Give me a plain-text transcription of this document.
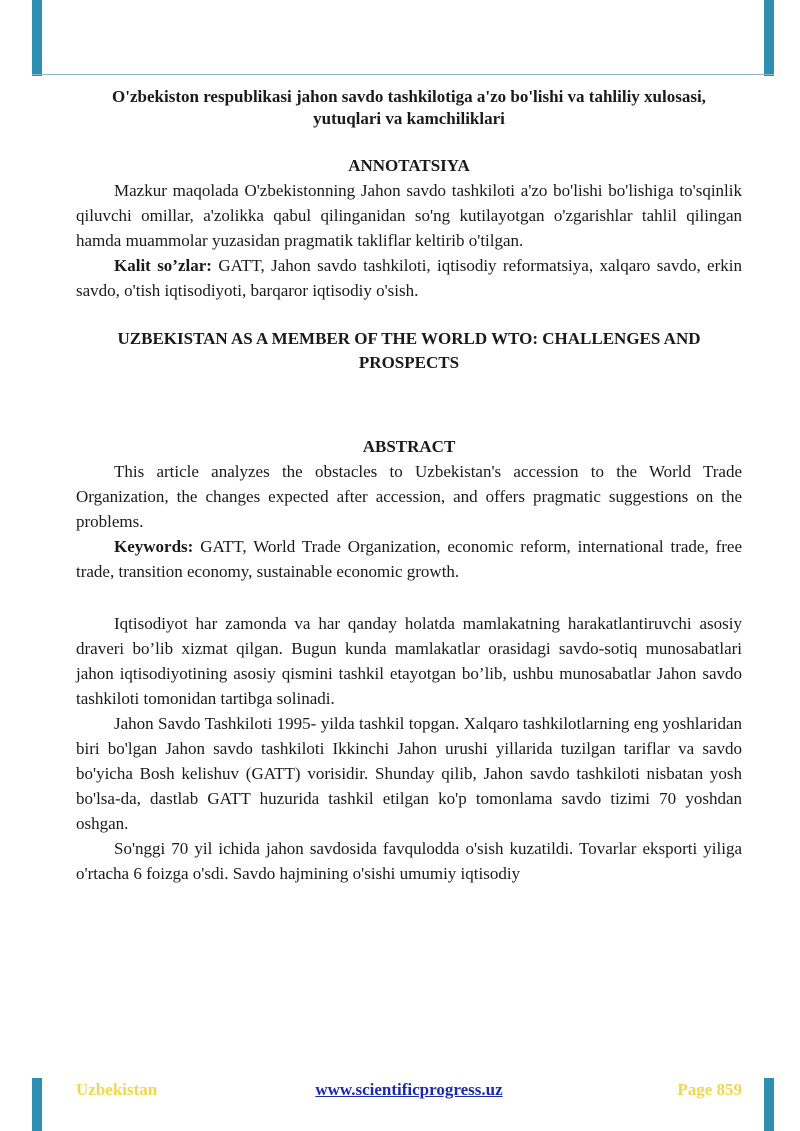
O'zbekiston respublikasi jahon savdo tashkilotiga a'zo bo'lishi va tahliliy xulosasi, yutuqlari va kamchiliklari
ANNOTATSIYA

Mazkur maqolada O'zbekistonning Jahon savdo tashkiloti a'zo bo'lishi bo'lishiga to'sqinlik qiluvchi omillar, a'zolikka qabul qilinganidan so'ng kutilayotgan o'zgarishlar tahlil qilingan hamda muammolar yuzasidan pragmatik takliflar keltirib o'tilgan.

Kalit so’zlar: GATT, Jahon savdo tashkiloti, iqtisodiy reformatsiya, xalqaro savdo, erkin savdo, o'tish iqtisodiyoti, barqaror iqtisodiy o'sish.

UZBEKISTAN AS A MEMBER OF THE WORLD WTO: CHALLENGES AND PROSPECTS
ABSTRACT

This article analyzes the obstacles to Uzbekistan's accession to the World Trade Organization, the changes expected after accession, and offers pragmatic suggestions on the problems.

Keywords: GATT, World Trade Organization, economic reform, international trade, free trade, transition economy, sustainable economic growth.

Iqtisodiyot har zamonda va har qanday holatda mamlakatning harakatlantiruvchi asosiy draveri bo’lib xizmat qilgan. Bugun kunda mamlakatlar orasidagi savdo-sotiq munosabatlari jahon iqtisodiyotining asosiy qismini tashkil etayotgan bo’lib, ushbu munosabatlar Jahon savdo tashkiloti tomonidan tartibga solinadi.

Jahon Savdo Tashkiloti 1995- yilda tashkil topgan. Xalqaro tashkilotlarning eng yoshlaridan biri bo'lgan Jahon savdo tashkiloti Ikkinchi Jahon urushi yillarida tuzilgan tariflar va savdo bo'yicha Bosh kelishuv (GATT) vorisidir. Shunday qilib, Jahon savdo tashkiloti nisbatan yosh bo'lsa-da, dastlab GATT huzurida tashkil etilgan ko'p tomonlama savdo tizimi 70 yoshdan oshgan.

So'nggi 70 yil ichida jahon savdosida favqulodda o'sish kuzatildi. Tovarlar eksporti yiliga o'rtacha 6 foizga o'sdi. Savdo hajmining o'sishi umumiy iqtisodiy

Uzbekistan	www.scientificprogress.uz	Page 859
